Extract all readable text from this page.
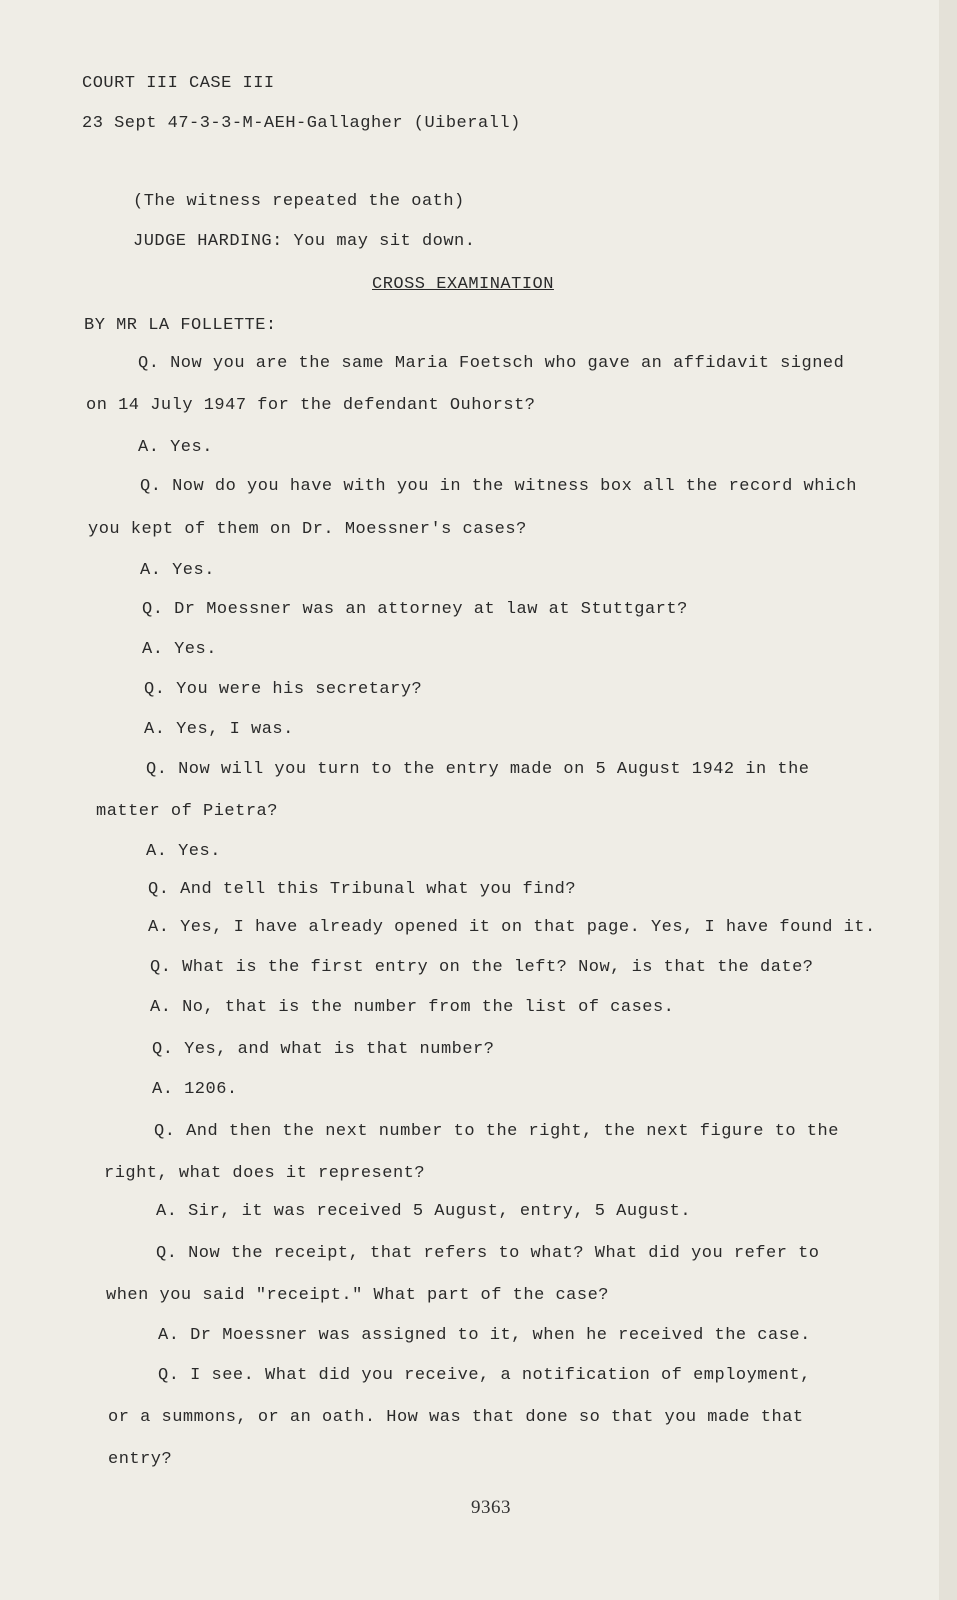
COURT III CASE III
23 Sept 47-3-3-M-AEH-Gallagher (Uiberall)
(The witness repeated the oath)
JUDGE HARDING: You may sit down.
CROSS EXAMINATION
BY MR LA FOLLETTE:
Q. Now you are the same Maria Foetsch who gave an affidavit signed
on 14 July 1947 for the defendant Ouhorst?
A. Yes.
Q. Now do you have with you in the witness box all the record which
you kept of them on Dr. Moessner's cases?
A. Yes.
Q. Dr Moessner was an attorney at law at Stuttgart?
A. Yes.
Q. You were his secretary?
A. Yes, I was.
Q. Now will you turn to the entry made on 5 August 1942 in the
matter of Pietra?
A. Yes.
Q. And tell this Tribunal what you find?
A. Yes, I have already opened it on that page. Yes, I have found it.
Q. What is the first entry on the left? Now, is that the date?
A. No, that is the number from the list of cases.
Q. Yes, and what is that number?
A. 1206.
Q. And then the next number to the right, the next figure to the
right, what does it represent?
A. Sir, it was received 5 August, entry, 5 August.
Q. Now the receipt, that refers to what? What did you refer to
when you said "receipt." What part of the case?
A. Dr Moessner was assigned to it, when he received the case.
Q. I see. What did you receive, a notification of employment,
or a summons, or an oath. How was that done so that you made that
entry?
9363
